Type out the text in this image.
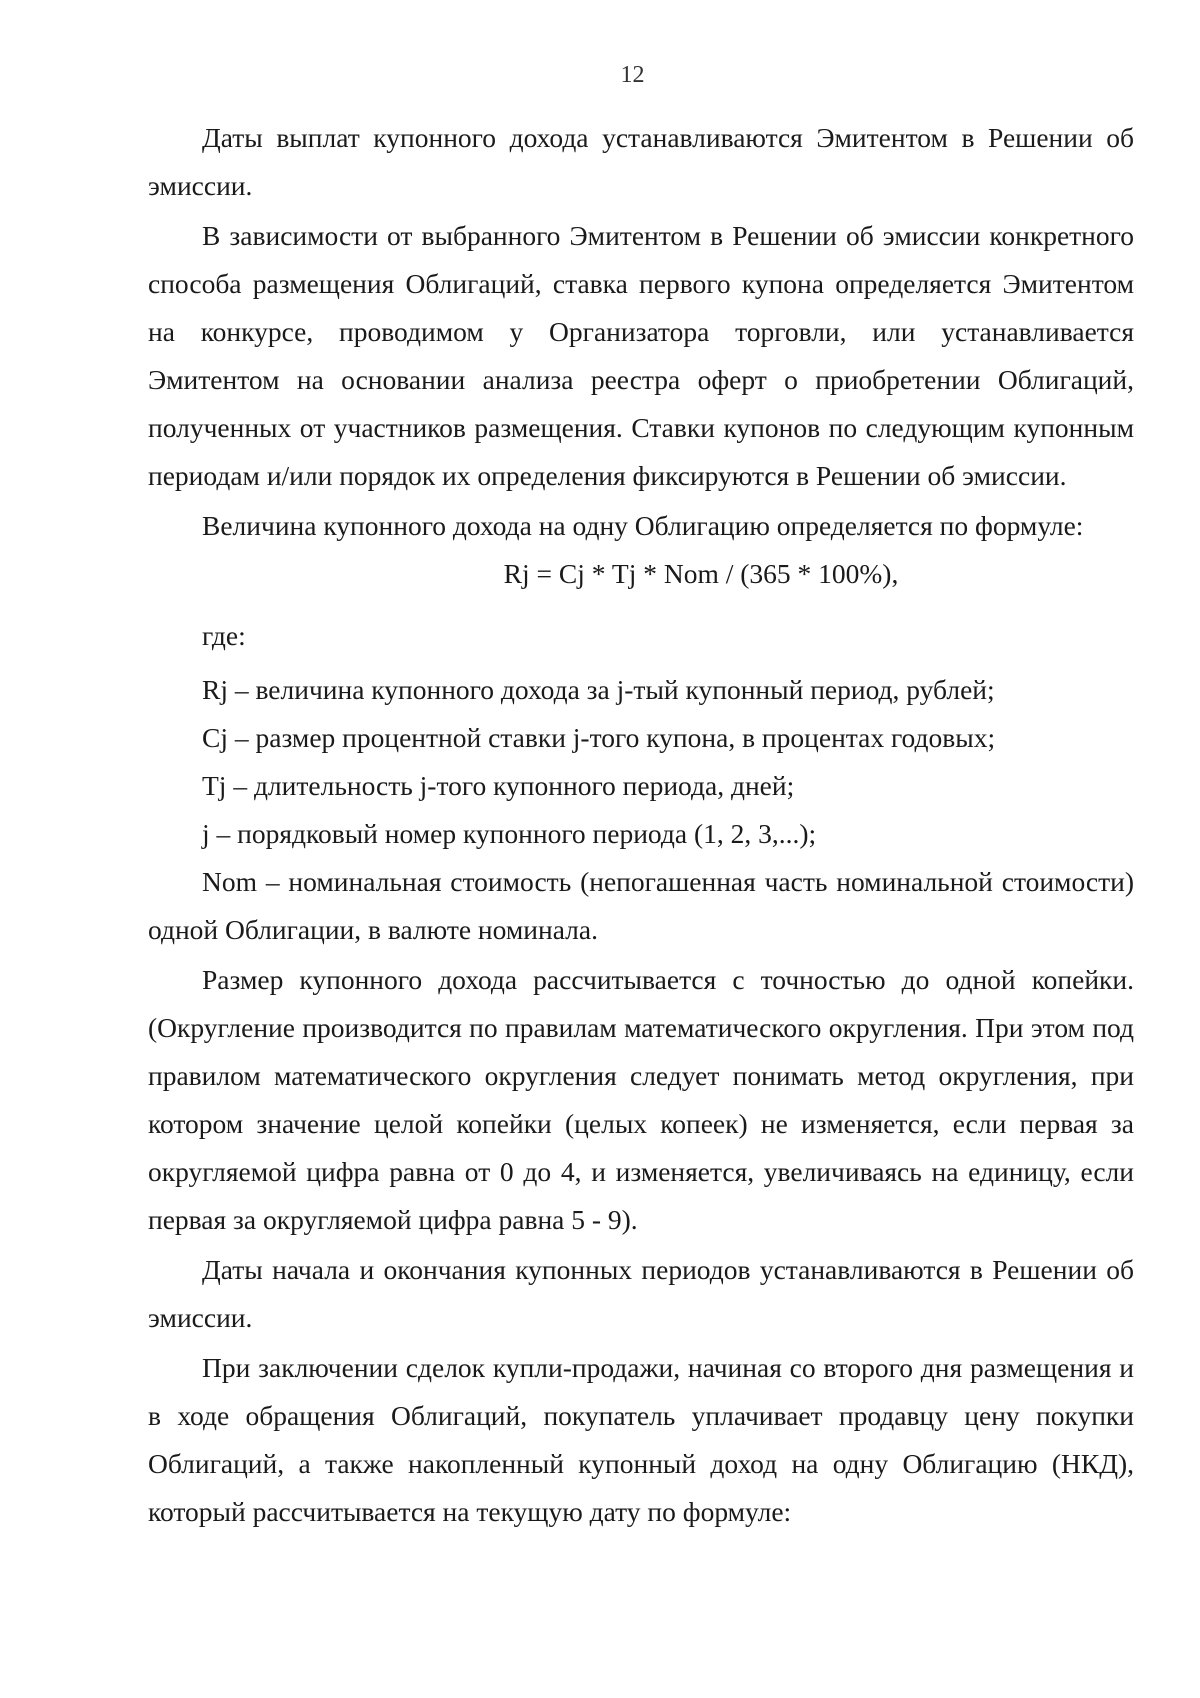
12

Даты выплат купонного дохода устанавливаются Эмитентом в Решении об эмиссии.

В зависимости от выбранного Эмитентом в Решении об эмиссии конкретного способа размещения Облигаций, ставка первого купона определяется Эмитентом на конкурсе, проводимом у Организатора торговли, или устанавливается Эмитентом на основании анализа реестра оферт о приобретении Облигаций, полученных от участников размещения. Ставки купонов по следующим купонным периодам и/или порядок их определения фиксируются в Решении об эмиссии.

Величина купонного дохода на одну Облигацию определяется по формуле:

Rj = Cj * Tj * Nom / (365 * 100%),

где:

Rj – величина купонного дохода за j-тый купонный период, рублей;

Cj – размер процентной ставки j-того купона, в процентах годовых;

Tj – длительность j-того купонного периода, дней;

j – порядковый номер купонного периода (1, 2, 3,...);

Nom – номинальная стоимость (непогашенная часть номинальной стоимости) одной Облигации, в валюте номинала.

Размер купонного дохода рассчитывается с точностью до одной копейки. (Округление производится по правилам математического округления. При этом под правилом математического округления следует понимать метод округления, при котором значение целой копейки (целых копеек) не изменяется, если первая за округляемой цифра равна от 0 до 4, и изменяется, увеличиваясь на единицу, если первая за округляемой цифра равна 5 - 9).

Даты начала и окончания купонных периодов устанавливаются в Решении об эмиссии.

При заключении сделок купли-продажи, начиная со второго дня размещения и в ходе обращения Облигаций, покупатель уплачивает продавцу цену покупки Облигаций, а также накопленный купонный доход на одну Облигацию (НКД), который рассчитывается на текущую дату по формуле:
